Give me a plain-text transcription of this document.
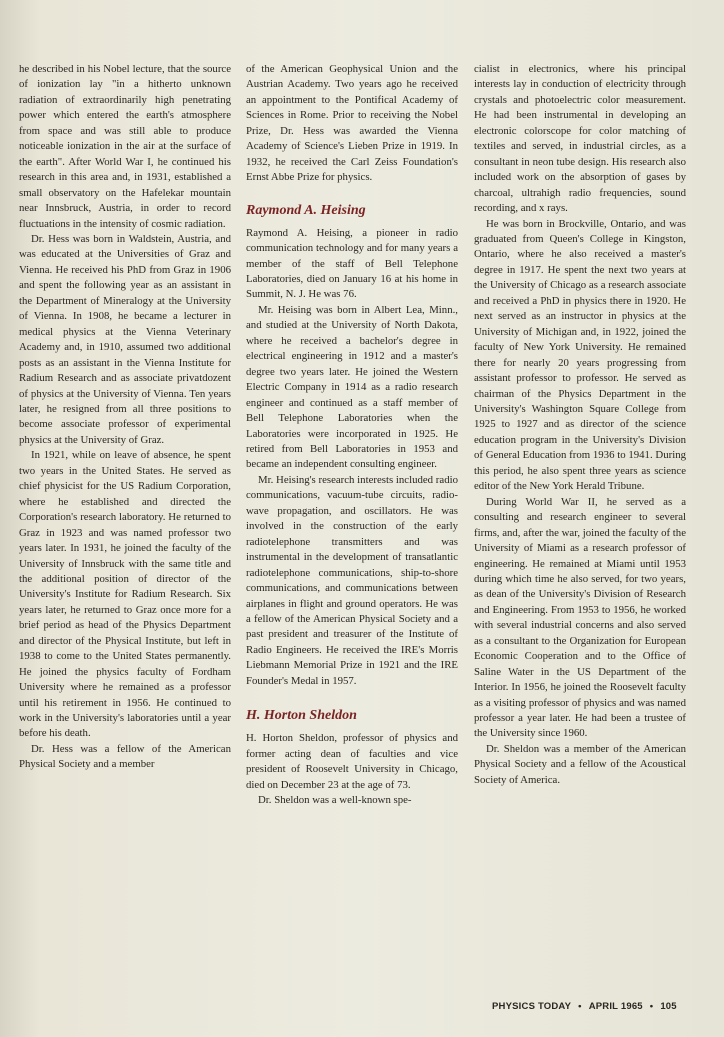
he described in his Nobel lecture, that the source of ionization lay "in a hitherto unknown radiation of extraordinarily high penetrating power which entered the earth's atmosphere from space and was still able to produce noticeable ionization in the air at the surface of the earth". After World War I, he continued his research in this area and, in 1931, established a small observatory on the Hafelekar mountain near Innsbruck, Austria, in order to record fluctuations in the intensity of cosmic radiation.

Dr. Hess was born in Waldstein, Austria, and was educated at the Universities of Graz and Vienna. He received his PhD from Graz in 1906 and spent the following year as an assistant in the Department of Mineralogy at the University of Vienna. In 1908, he became a lecturer in medical physics at the Vienna Veterinary Academy and, in 1910, assumed two additional posts as an assistant in the Vienna Institute for Radium Research and as associate privatdozent of physics at the University of Vienna. Ten years later, he resigned from all three positions to become associate professor of experimental physics at the University of Graz.

In 1921, while on leave of absence, he spent two years in the United States. He served as chief physicist for the US Radium Corporation, where he established and directed the Corporation's research laboratory. He returned to Graz in 1923 and was named professor two years later. In 1931, he joined the faculty of the University of Innsbruck with the same title and the additional position of director of the University's Institute for Radium Research. Six years later, he returned to Graz once more for a brief period as head of the Physics Department and director of the Physical Institute, but left in 1938 to come to the United States permanently. He joined the physics faculty of Fordham University where he remained as a professor until his retirement in 1956. He continued to work in the University's laboratories until a year before his death.

Dr. Hess was a fellow of the American Physical Society and a member

of the American Geophysical Union and the Austrian Academy. Two years ago he received an appointment to the Pontifical Academy of Sciences in Rome. Prior to receiving the Nobel Prize, Dr. Hess was awarded the Vienna Academy of Science's Lieben Prize in 1919. In 1932, he received the Carl Zeiss Foundation's Ernst Abbe Prize for physics.

Raymond A. Heising

Raymond A. Heising, a pioneer in radio communication technology and for many years a member of the staff of Bell Telephone Laboratories, died on January 16 at his home in Summit, N. J. He was 76.

Mr. Heising was born in Albert Lea, Minn., and studied at the University of North Dakota, where he received a bachelor's degree in electrical engineering in 1912 and a master's degree two years later. He joined the Western Electric Company in 1914 as a radio research engineer and continued as a staff member of Bell Telephone Laboratories when the Laboratories were incorporated in 1925. He retired from Bell Laboratories in 1953 and became an independent consulting engineer.

Mr. Heising's research interests included radio communications, vacuum-tube circuits, radio-wave propagation, and oscillators. He was involved in the construction of the early radiotelephone transmitters and was instrumental in the development of transatlantic radiotelephone communications, ship-to-shore communications, and communications between airplanes in flight and ground operators. He was a fellow of the American Physical Society and a past president and treasurer of the Institute of Radio Engineers. He received the IRE's Morris Liebmann Memorial Prize in 1921 and the IRE Founder's Medal in 1957.

H. Horton Sheldon

H. Horton Sheldon, professor of physics and former acting dean of faculties and vice president of Roosevelt University in Chicago, died on December 23 at the age of 73.

Dr. Sheldon was a well-known spe-

cialist in electronics, where his principal interests lay in conduction of electricity through crystals and photoelectric color measurement. He had been instrumental in developing an electronic colorscope for color matching of textiles and served, in industrial circles, as a consultant in neon tube design. His research also included work on the absorption of gases by charcoal, ultrahigh radio frequencies, sound recording, and x rays.

He was born in Brockville, Ontario, and was graduated from Queen's College in Kingston, Ontario, where he also received a master's degree in 1917. He spent the next two years at the University of Chicago as a research associate and received a PhD in physics there in 1920. He next served as an instructor in physics at the University of Michigan and, in 1922, joined the faculty of New York University. He remained there for nearly 20 years progressing from assistant professor to professor. He served as chairman of the Physics Department in the University's Washington Square College from 1925 to 1927 and as director of the science education program in the University's Division of General Education from 1936 to 1941. During this period, he also spent three years as science editor of the New York Herald Tribune.

During World War II, he served as a consulting and research engineer to several firms, and, after the war, joined the faculty of the University of Miami as a research professor of engineering. He remained at Miami until 1953 during which time he also served, for two years, as dean of the University's Division of Research and Engineering. From 1953 to 1956, he worked with several industrial concerns and also served as a consultant to the Organization for European Economic Cooperation and to the Office of Saline Water in the US Department of the Interior. In 1956, he joined the Roosevelt faculty as a visiting professor of physics and was named professor a year later. He had been a trustee of the University since 1960.

Dr. Sheldon was a member of the American Physical Society and a fellow of the Acoustical Society of America.

PHYSICS TODAY • APRIL 1965 • 105
